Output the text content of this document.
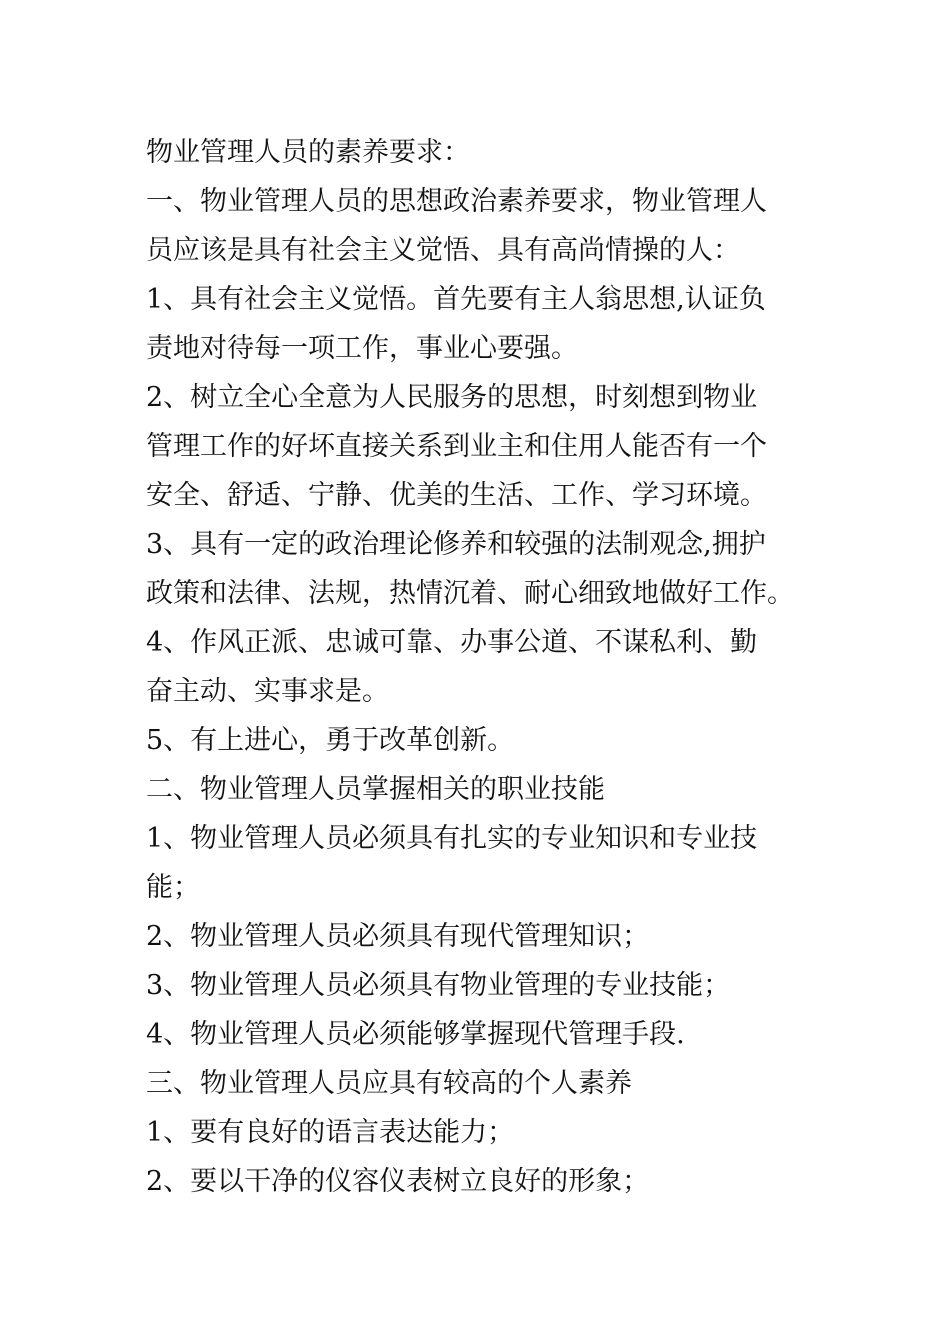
物业管理人员的素养要求：
一、物业管理人员的思想政治素养要求，物业管理人
员应该是具有社会主义觉悟、具有高尚情操的人：
1、具有社会主义觉悟。首先要有主人翁思想,认证负
责地对待每一项工作，事业心要强。
2、树立全心全意为人民服务的思想，时刻想到物业
管理工作的好坏直接关系到业主和住用人能否有一个
安全、舒适、宁静、优美的生活、工作、学习环境。
3、具有一定的政治理论修养和较强的法制观念,拥护
政策和法律、法规，热情沉着、耐心细致地做好工作。
4、作风正派、忠诚可靠、办事公道、不谋私利、勤
奋主动、实事求是。
5、有上进心，勇于改革创新。
二、物业管理人员掌握相关的职业技能
1、物业管理人员必须具有扎实的专业知识和专业技
能；
2、物业管理人员必须具有现代管理知识；
3、物业管理人员必须具有物业管理的专业技能；
4、物业管理人员必须能够掌握现代管理手段.
三、物业管理人员应具有较高的个人素养
1、要有良好的语言表达能力；
2、要以干净的仪容仪表树立良好的形象；
